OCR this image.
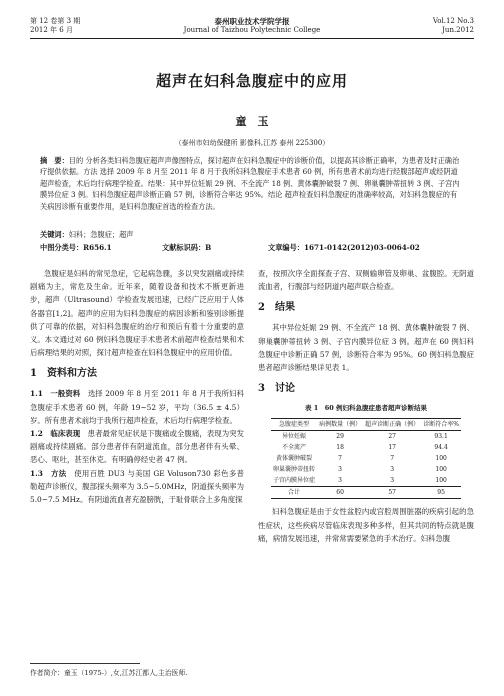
第 12 卷第 3 期
2012 年 6 月
泰州职业技术学院学报
Journal of Taizhou Polytechnic College
Vol.12 No.3
Jun.2012
超声在妇科急腹症中的应用
童　玉
（泰州市妇幼保健所 影像科,江苏 泰州 225300）
摘　要：目的 分析各类妇科急腹症超声声像图特点，探讨超声在妇科急腹症中的诊断价值，以提高其诊断正确率，为患者及时正确治疗提供依据。方法 选择 2009 年 8 月至 2011 年 8 月于我所妇科急腹症手术患者 60 例，所有患者术前均进行经腹部超声或经阴道超声检查，术后均行病理学检查。结果：其中异位妊娠 29 例、不全流产 18 例、黄体囊肿破裂 7 例、卵巢囊肿蒂扭转 3 例、子宫内膜异位症 3 例。妇科急腹症超声诊断正确 57 例，诊断符合率达 95%。结论 超声检查妇科急腹症的准确率较高，对妇科急腹症的有关病因诊断有重要作用，是妇科急腹症首选的检查方法。
关键词：妇科；急腹症；超声
中图分类号：R656.1	文献标识码：B	文章编号：1671-0142(2012)03-0064-02

急腹症是妇科的常见急症，它起病急骤，多以突发剧痛或持续剧痛为主，常危及生命。近年来，随着设备和技术不断更新进步，超声（Ultrasound）学检查发展迅速，已经广泛应用于人体各器官[1,2]。超声的应用为妇科急腹症的病因诊断和鉴别诊断提供了可靠的依据，对妇科急腹症的治疗和预后有着十分重要的意义。本文通过对 60 例妇科急腹症手术患者术前超声检查结果和术后病理结果的对照，探讨超声检查在妇科急腹症中的应用价值。

1 资料和方法

1.1　一般资料　 选择 2009 年 8 月至 2011 年 8 月于我所妇科急腹症手术患者 60 例，年龄 19~52 岁，平均（36.5 ± 4.5）岁。所有患者术前均于我所行超声检查，术后均行病理学检查。

1.2　临床表现　 患者最常见症状是下腹痛或全腹痛，表现为突发剧痛或持续剧痛。部分患者伴有阴道流血，部分患者伴有头晕、恶心、呕吐，甚至休克。有明确停经史者 47 例。

1.3　方法　 使用百胜 DU3 与美国 GE Voluson730 彩色多普勒超声诊断仪，腹部探头频率为 3.5~5.0MHz，阴道探头频率为 5.0~7.5 MHz。有阴道流血者充盈膀胱，于耻骨联合上多角度探

查，按照次序全面探查子宫、双侧输卵管及卵巢、盆腹腔。无阴道流血者，行腹部与经阴道内超声联合检查。

2 结果

其中异位妊娠 29 例、不全流产 18 例、黄体囊肿破裂 7 例、卵巢囊肿蒂扭转 3 例、子宫内膜异位症 3 例。超声在 60 例妇科急腹症中诊断正确 57 例，诊断符合率为 95%。60 例妇科急腹症患者超声诊断结果详见表 1。

3 讨论
表 1　60 例妇科急腹症患者超声诊断结果
急腹症类型	病例数量（例）	超声诊断正确（例）	诊断符合率%
异位妊娠	29	27	93.1
不全流产	18	17	94.4
黄体囊肿破裂	7	7	100
卵巢囊肿蒂扭转	3	3	100
子宫内膜异位症	3	3	100
合计	60	57	95

妇科急腹症是由于女性盆腔内或宫腔周围脏器的疾病引起的急性症状，这些疾病尽管临床表现多种多样，但其共同的特点就是腹痛，病情发展迅速，并常常需要紧急的手术治疗。妇科急腹

作者简介：童玉（1975-）,女,江苏江都人,主治医师.
